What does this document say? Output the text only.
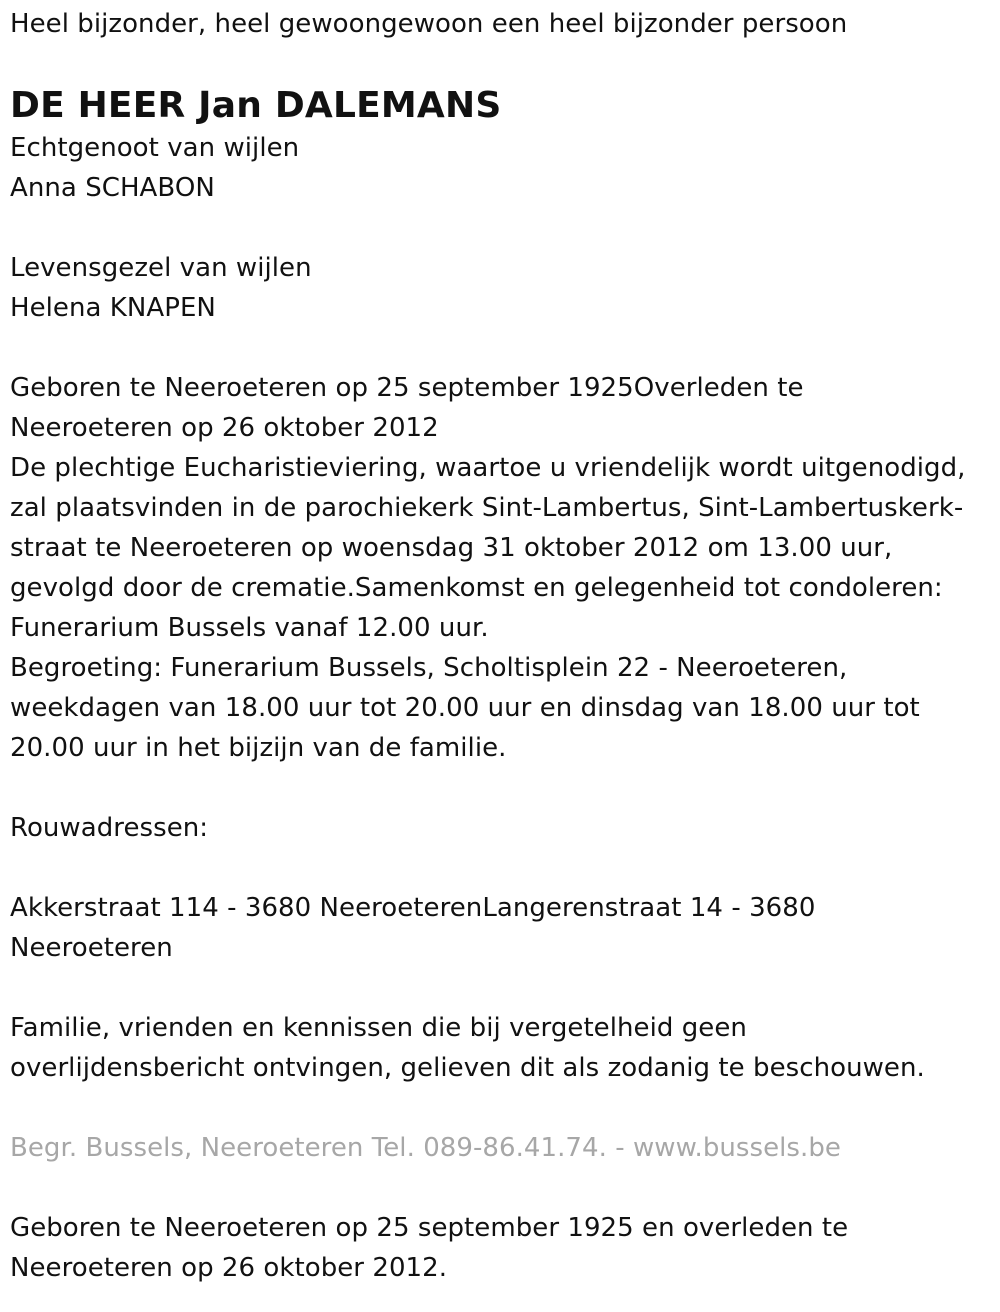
Heel bijzonder, heel gewoongewoon een heel bijzonder persoon
DE HEER Jan DALEMANS
Echtgenoot van wijlen
Anna SCHABON
Levensgezel van wijlen
Helena KNAPEN
Geboren te Neeroeteren op 25 september 1925Overleden te
Neeroeteren op 26 oktober 2012
De plechtige Eucharistieviering, waartoe u vriendelijk wordt uitgenodigd,
zal plaatsvinden in de parochiekerk Sint-Lambertus, Sint-Lambertuskerk-
straat te Neeroeteren op woensdag 31 oktober 2012 om 13.00 uur,
gevolgd door de crematie.Samenkomst en gelegenheid tot condoleren:
Funerarium Bussels vanaf 12.00 uur.
Begroeting: Funerarium Bussels, Scholtisplein 22 - Neeroeteren,
weekdagen van 18.00 uur tot 20.00 uur en dinsdag van 18.00 uur tot
20.00 uur in het bijzijn van de familie.
Rouwadressen:
Akkerstraat 114 - 3680 NeeroeterenLangerenstraat 14 - 3680
Neeroeteren
Familie, vrienden en kennissen die bij vergetelheid geen
overlijdensbericht ontvingen, gelieven dit als zodanig te beschouwen.
Begr. Bussels, Neeroeteren Tel. 089-86.41.74. - www.bussels.be
Geboren te Neeroeteren op 25 september 1925 en overleden te
Neeroeteren op 26 oktober 2012.
